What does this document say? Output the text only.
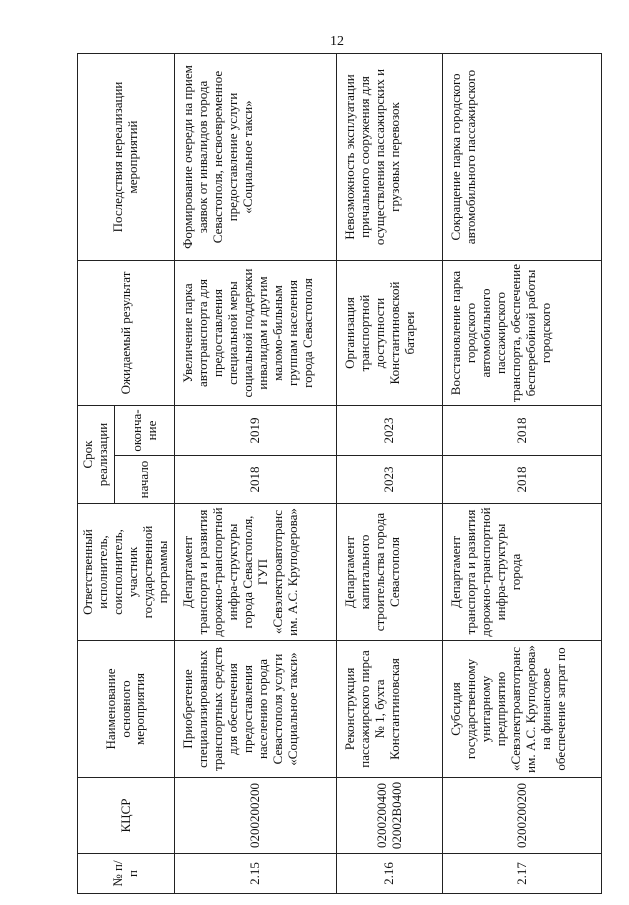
12
№ п/п	КЦСР	Наименование основного мероприятия	Ответственный исполнитель, соисполнитель, участник государственной программы	Срок реализации		Ожидаемый результат	Последствия нереализации мероприятий
				начало	оконча-ние		
2.15	0200200200	Приобретение специализированных транспортных средств для обеспечения предоставления населению города Севастополя услуги «Социальное такси»	Департамент транспорта и развития дорожно-транспортной инфра-структуры города Севастополя, ГУП «Севэлектроавтотранс им. А.С. Круподерова»	2018	2019	Увеличение парка автотранспорта для предоставления специальной меры социальной поддержки инвалидам и другим маломо-бильным группам населения города Севастополя	Формирование очереди на прием заявок от инвалидов города Севастополя, несвоевременное предоставление услуги «Социальное такси»
2.16	0200200400 02002В0400	Реконструкция пассажирского пирса № 1, бухта Константиновская	Департамент капитального строительства города Севастополя	2023	2023	Организация транспортной доступности Константиновской батареи	Невозможность эксплуатации причального сооружения для осуществления пассажирских и грузовых перевозок
2.17	0200200200	Субсидия государственному унитарному предприятию «Севэлектроавтотранс им. А.С. Круподерова» на финансовое обеспечение затрат по	Департамент транспорта и развития дорожно-транспортной инфра-структуры города	2018	2018	Восстановление парка городского автомобильного пассажирского транспорта, обеспечение бесперебойной работы городского	Сокращение парка городского автомобильного пассажирского
